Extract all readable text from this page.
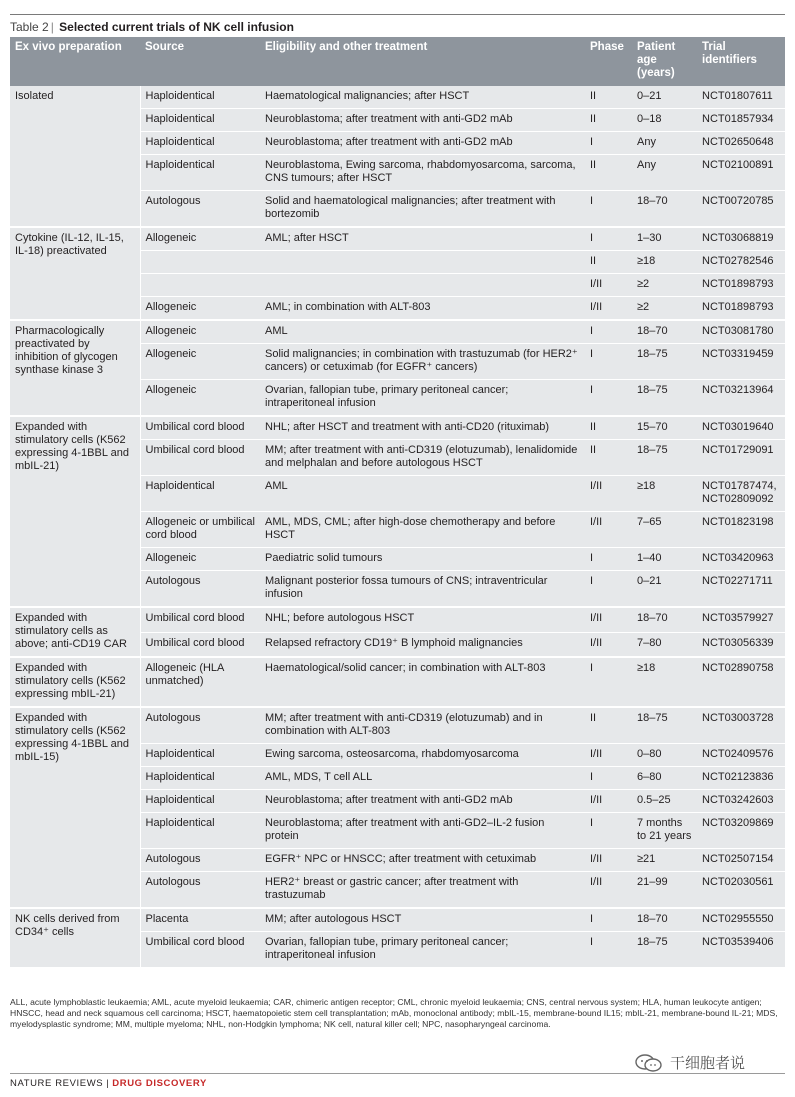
Table 2 | Selected current trials of NK cell infusion
Ex vivo preparation	Source	Eligibility and other treatment	Phase	Patient age (years)	Trial identifiers
Isolated	Haploidentical	Haematological malignancies; after HSCT	II	0–21	NCT01807611
	Haploidentical	Neuroblastoma; after treatment with anti-GD2 mAb	II	0–18	NCT01857934
	Haploidentical	Neuroblastoma; after treatment with anti-GD2 mAb	I	Any	NCT02650648
	Haploidentical	Neuroblastoma, Ewing sarcoma, rhabdomyosarcoma, sarcoma, CNS tumours; after HSCT	II	Any	NCT02100891
	Autologous	Solid and haematological malignancies; after treatment with bortezomib	I	18–70	NCT00720785
Cytokine (IL-12, IL-15, IL-18) preactivated	Allogeneic	AML; after HSCT	I	1–30	NCT03068819
			II	≥18	NCT02782546
			I/II	≥2	NCT01898793
	Allogeneic	AML; in combination with ALT-803	I/II	≥2	NCT01898793
Pharmacologically preactivated by inhibition of glycogen synthase kinase 3	Allogeneic	AML	I	18–70	NCT03081780
	Allogeneic	Solid malignancies; in combination with trastuzumab (for HER2⁺ cancers) or cetuximab (for EGFR⁺ cancers)	I	18–75	NCT03319459
	Allogeneic	Ovarian, fallopian tube, primary peritoneal cancer; intraperitoneal infusion	I	18–75	NCT03213964
Expanded with stimulatory cells (K562 expressing 4-1BBL and mbIL-21)	Umbilical cord blood	NHL; after HSCT and treatment with anti-CD20 (rituximab)	II	15–70	NCT03019640
	Umbilical cord blood	MM; after treatment with anti-CD319 (elotuzumab), lenalidomide and melphalan and before autologous HSCT	II	18–75	NCT01729091
	Haploidentical	AML	I/II	≥18	NCT01787474, NCT02809092
	Allogeneic or umbilical cord blood	AML, MDS, CML; after high-dose chemotherapy and before HSCT	I/II	7–65	NCT01823198
	Allogeneic	Paediatric solid tumours	I	1–40	NCT03420963
	Autologous	Malignant posterior fossa tumours of CNS; intraventricular infusion	I	0–21	NCT02271711
Expanded with stimulatory cells as above; anti-CD19 CAR	Umbilical cord blood	NHL; before autologous HSCT	I/II	18–70	NCT03579927
	Umbilical cord blood	Relapsed refractory CD19⁺ B lymphoid malignancies	I/II	7–80	NCT03056339
Expanded with stimulatory cells (K562 expressing mbIL-21)	Allogeneic (HLA unmatched)	Haematological/solid cancer; in combination with ALT-803	I	≥18	NCT02890758
Expanded with stimulatory cells (K562 expressing 4-1BBL and mbIL-15)	Autologous	MM; after treatment with anti-CD319 (elotuzumab) and in combination with ALT-803	II	18–75	NCT03003728
	Haploidentical	Ewing sarcoma, osteosarcoma, rhabdomyosarcoma	I/II	0–80	NCT02409576
	Haploidentical	AML, MDS, T cell ALL	I	6–80	NCT02123836
	Haploidentical	Neuroblastoma; after treatment with anti-GD2 mAb	I/II	0.5–25	NCT03242603
	Haploidentical	Neuroblastoma; after treatment with anti-GD2–IL-2 fusion protein	I	7 months to 21 years	NCT03209869
	Autologous	EGFR⁺ NPC or HNSCC; after treatment with cetuximab	I/II	≥21	NCT02507154
	Autologous	HER2⁺ breast or gastric cancer; after treatment with trastuzumab	I/II	21–99	NCT02030561
NK cells derived from CD34⁺ cells	Placenta	MM; after autologous HSCT	I	18–70	NCT02955550
	Umbilical cord blood	Ovarian, fallopian tube, primary peritoneal cancer; intraperitoneal infusion	I	18–75	NCT03539406
ALL, acute lymphoblastic leukaemia; AML, acute myeloid leukaemia; CAR, chimeric antigen receptor; CML, chronic myeloid leukaemia; CNS, central nervous system; HLA, human leukocyte antigen; HNSCC, head and neck squamous cell carcinoma; HSCT, haematopoietic stem cell transplantation; mAb, monoclonal antibody; mbIL-15, membrane-bound IL15; mbIL-21, membrane-bound IL-21; MDS, myelodysplastic syndrome; MM, multiple myeloma; NHL, non-Hodgkin lymphoma; NK cell, natural killer cell; NPC, nasopharyngeal carcinoma.
干细胞者说
NATURE REVIEWS | DRUG DISCOVERY
